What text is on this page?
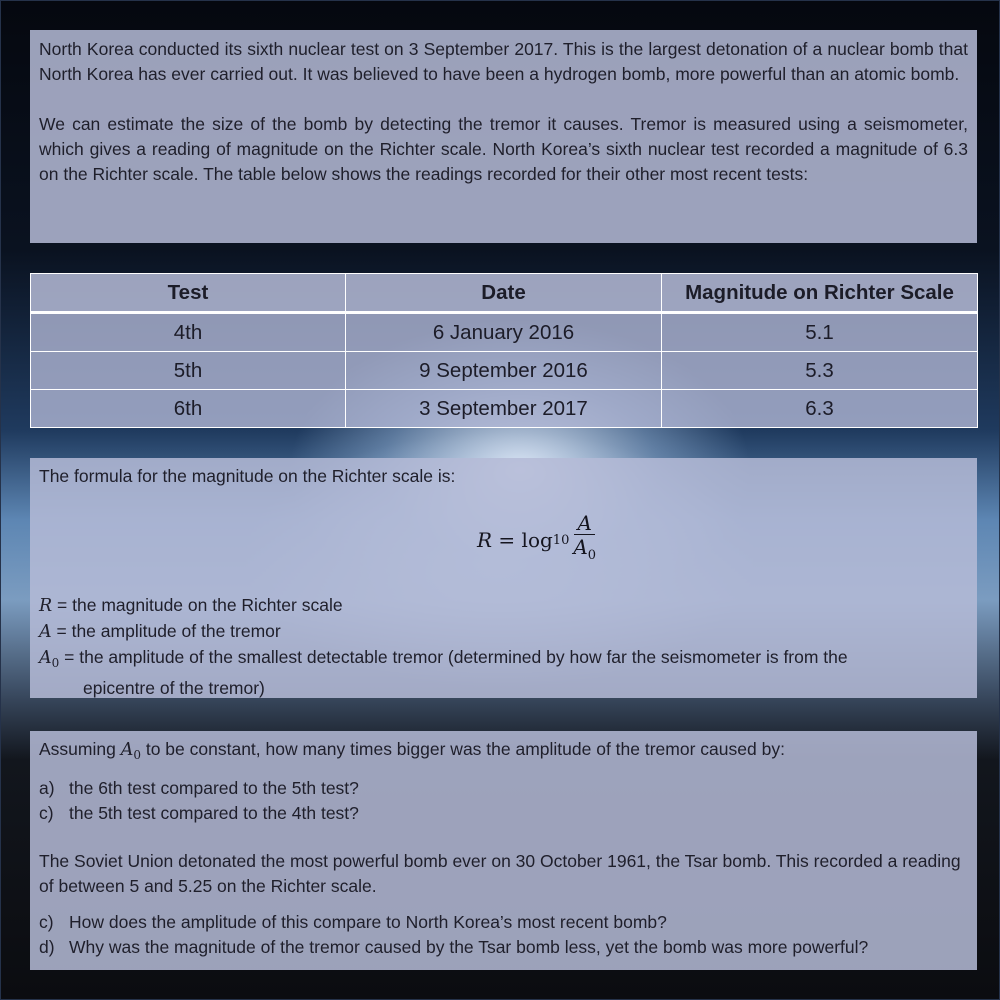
North Korea conducted its sixth nuclear test on 3 September 2017. This is the largest detonation of a nuclear bomb that North Korea has ever carried out. It was believed to have been a hydrogen bomb, more powerful than an atomic bomb.

We can estimate the size of the bomb by detecting the tremor it causes. Tremor is measured using a seismometer, which gives a reading of magnitude on the Richter scale. North Korea’s sixth nuclear test recorded a magnitude of 6.3 on the Richter scale. The table below shows the readings recorded for their other most recent tests:

Test	Date	Magnitude on Richter Scale
4th	6 January 2016	5.1
5th	9 September 2016	5.3
6th	3 September 2017	6.3

The formula for the magnitude on the Richter scale is:

R
=
$\log 10 \frac{A}{A_0}$

R = the magnitude on the Richter scale

A = the amplitude of the tremor

$A_0$ = the amplitude of the smallest detectable tremor (determined by how far the seismometer is from the

epicentre of the tremor)

Assuming $A_0$ to be constant, how many times bigger was the amplitude of the tremor caused by:

a) the 6th test compared to the 5th test?

c) the 5th test compared to the 4th test?

The Soviet Union detonated the most powerful bomb ever on 30 October 1961, the Tsar bomb. This recorded a reading of between 5 and 5.25 on the Richter scale.

c) How does the amplitude of this compare to North Korea’s most recent bomb?

d) Why was the magnitude of the tremor caused by the Tsar bomb less, yet the bomb was more powerful?
